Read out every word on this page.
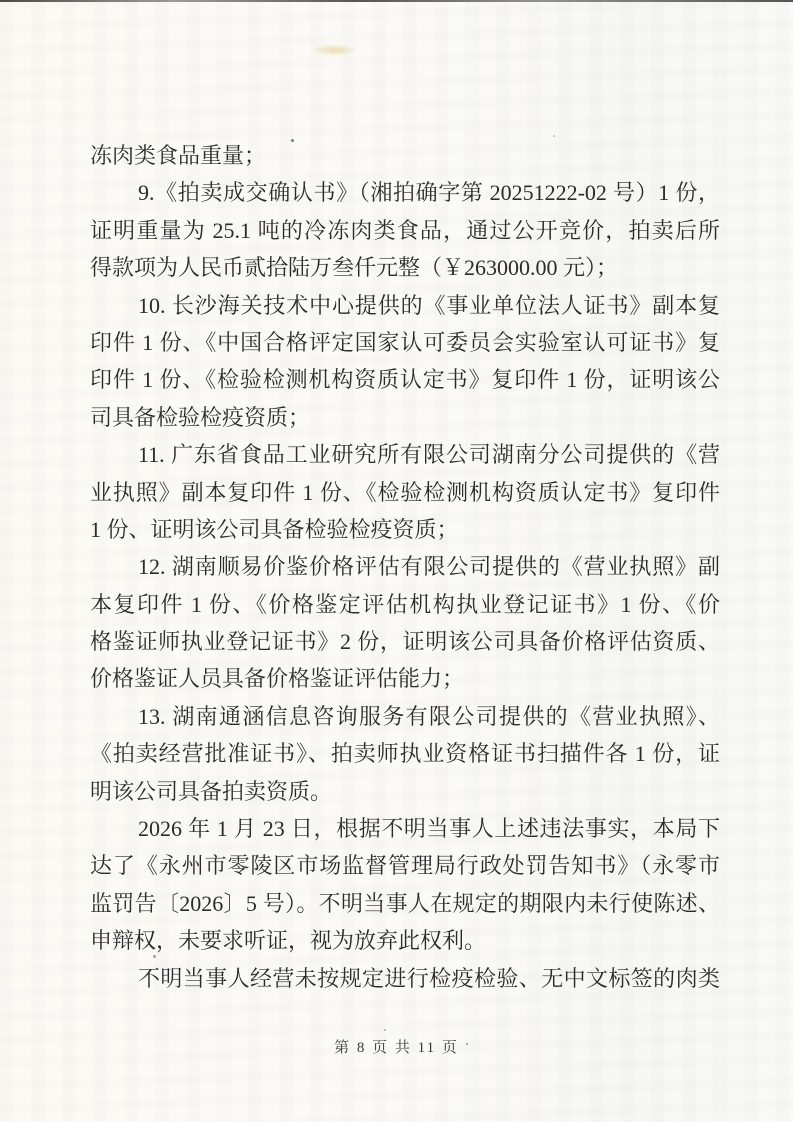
冻肉类食品重量；
9.《拍卖成交确认书》（湘拍确字第 20251222-02 号）1 份，
证明重量为 25.1 吨的冷冻肉类食品，通过公开竞价，拍卖后所
得款项为人民币贰拾陆万叁仟元整（￥263000.00 元）；
10. 长沙海关技术中心提供的《事业单位法人证书》副本复
印件 1 份、《中国合格评定国家认可委员会实验室认可证书》复
印件 1 份、《检验检测机构资质认定书》复印件 1 份，证明该公
司具备检验检疫资质；
11. 广东省食品工业研究所有限公司湖南分公司提供的《营
业执照》副本复印件 1 份、《检验检测机构资质认定书》复印件
1 份、证明该公司具备检验检疫资质；
12. 湖南顺易价鉴价格评估有限公司提供的《营业执照》副
本复印件 1 份、《价格鉴定评估机构执业登记证书》1 份、《价
格鉴证师执业登记证书》2 份，证明该公司具备价格评估资质、
价格鉴证人员具备价格鉴证评估能力；
13. 湖南通涵信息咨询服务有限公司提供的《营业执照》、
《拍卖经营批准证书》、拍卖师执业资格证书扫描件各 1 份，证
明该公司具备拍卖资质。
2026 年 1 月 23 日，根据不明当事人上述违法事实，本局下
达了《永州市零陵区市场监督管理局行政处罚告知书》（永零市
监罚告〔2026〕5 号）。不明当事人在规定的期限内未行使陈述、
申辩权，未要求听证，视为放弃此权利。
不明当事人经营未按规定进行检疫检验、无中文标签的肉类
第 8 页 共 11 页
